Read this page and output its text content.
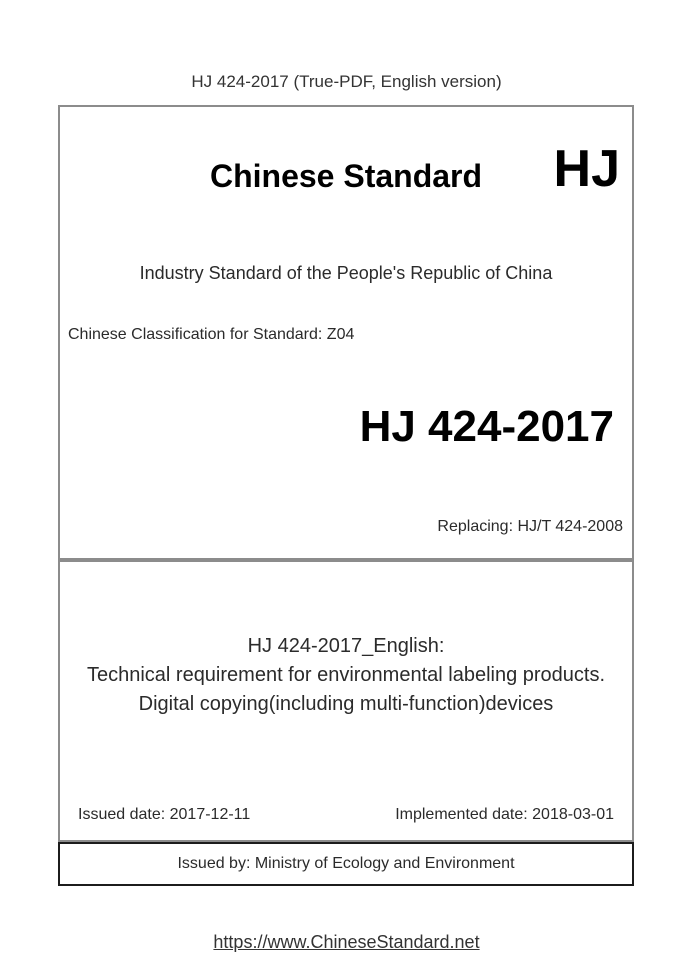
HJ 424-2017 (True-PDF, English version)
Chinese Standard	HJ
Industry Standard of the People's Republic of China
Chinese Classification for Standard: Z04
HJ 424-2017
Replacing: HJ/T 424-2008
HJ 424-2017_English:
Technical requirement for environmental labeling products.
Digital copying(including multi-function)devices
Issued date: 2017-12-11	Implemented date: 2018-03-01
Issued by: Ministry of Ecology and Environment
https://www.ChineseStandard.net
